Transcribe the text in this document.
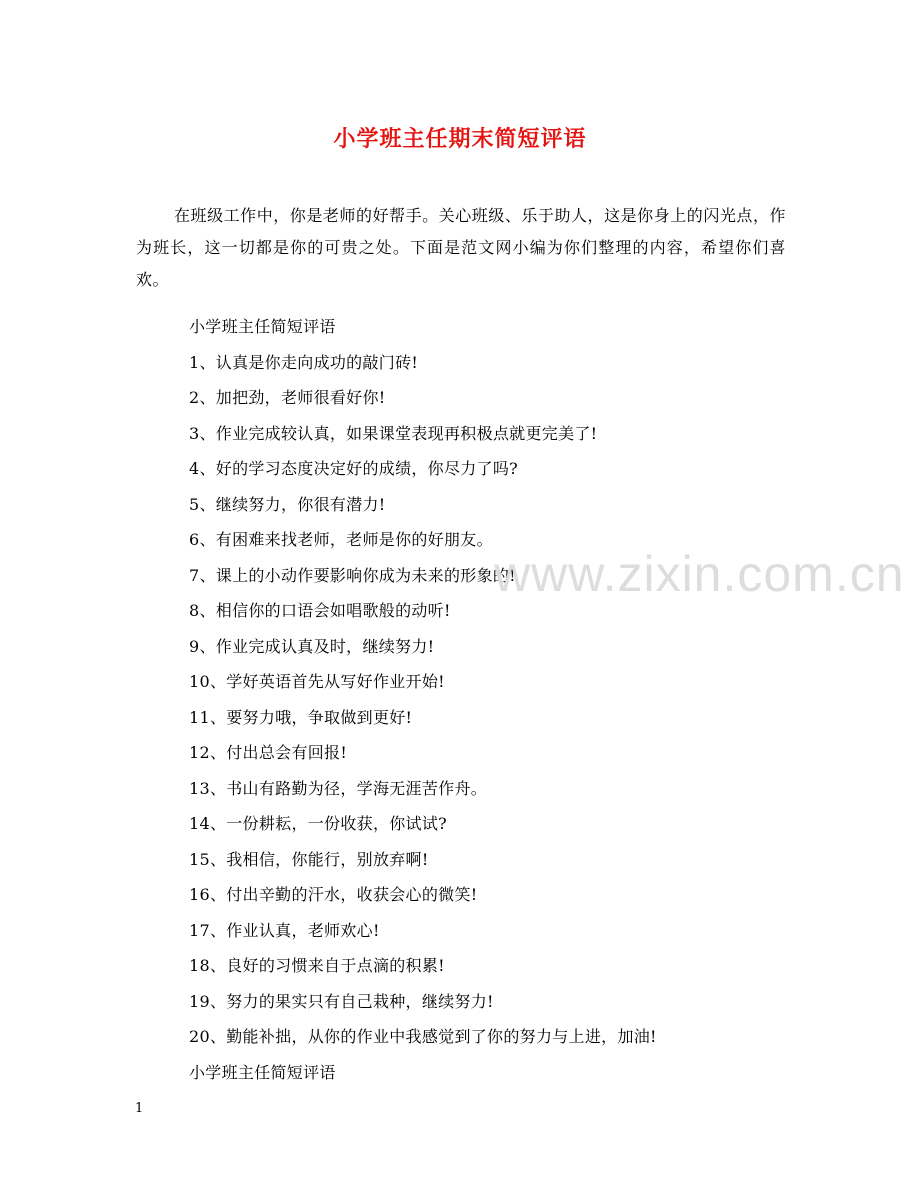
小学班主任期末简短评语
在班级工作中，你是老师的好帮手。关心班级、乐于助人，这是你身上的闪光点，作为班长，这一切都是你的可贵之处。下面是范文网小编为你们整理的内容，希望你们喜欢。
小学班主任简短评语
1、认真是你走向成功的敲门砖!
2、加把劲，老师很看好你!
3、作业完成较认真，如果课堂表现再积极点就更完美了!
4、好的学习态度决定好的成绩，你尽力了吗?
5、继续努力，你很有潜力!
6、有困难来找老师，老师是你的好朋友。
7、课上的小动作要影响你成为未来的形象的!
8、相信你的口语会如唱歌般的动听!
9、作业完成认真及时，继续努力!
10、学好英语首先从写好作业开始!
11、要努力哦，争取做到更好!
12、付出总会有回报!
13、书山有路勤为径，学海无涯苦作舟。
14、一份耕耘，一份收获，你试试?
15、我相信，你能行，别放弃啊!
16、付出辛勤的汗水，收获会心的微笑!
17、作业认真，老师欢心!
18、良好的习惯来自于点滴的积累!
19、努力的果实只有自己栽种，继续努力!
20、勤能补拙，从你的作业中我感觉到了你的努力与上进，加油!
小学班主任简短评语
www.zixin.com.cn
1
